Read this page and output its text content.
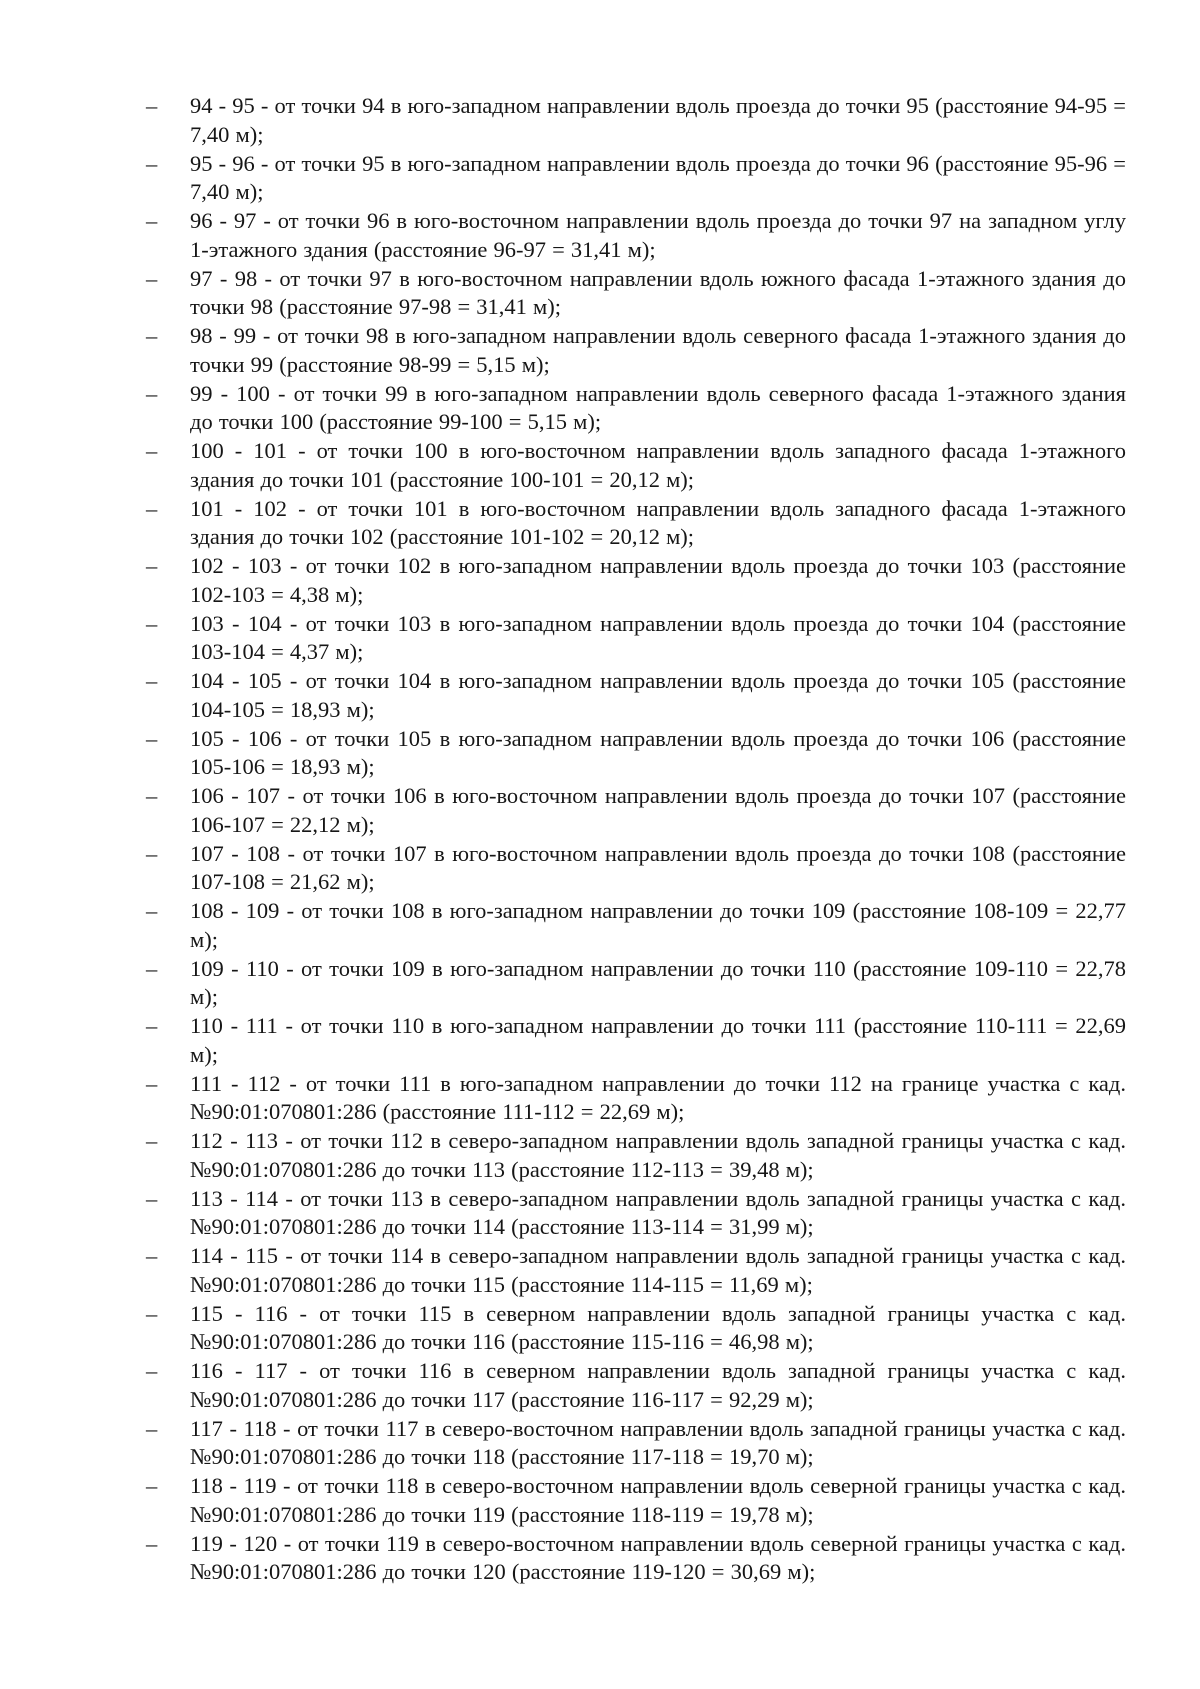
–	94 - 95 - от точки 94 в юго-западном направлении вдоль проезда до точки 95 (расстояние 94-95 = 7,40 м);
–	95 - 96 - от точки 95 в юго-западном направлении вдоль проезда до точки 96 (расстояние 95-96 = 7,40 м);
–	96 - 97 - от точки 96 в юго-восточном направлении вдоль проезда до точки 97 на западном углу 1-этажного здания (расстояние 96-97 = 31,41 м);
–	97 - 98 - от точки 97 в юго-восточном направлении вдоль южного фасада 1-этажного здания до точки 98 (расстояние 97-98 = 31,41 м);
–	98 - 99 - от точки 98 в юго-западном направлении вдоль северного фасада 1-этажного здания до точки 99 (расстояние 98-99 = 5,15 м);
–	99 - 100 - от точки 99 в юго-западном направлении вдоль северного фасада 1-этажного здания до точки 100 (расстояние 99-100 = 5,15 м);
–	100 - 101 - от точки 100 в юго-восточном направлении вдоль западного фасада 1-этажного здания до точки 101 (расстояние 100-101 = 20,12 м);
–	101 - 102 - от точки 101 в юго-восточном направлении вдоль западного фасада 1-этажного здания до точки 102 (расстояние 101-102 = 20,12 м);
–	102 - 103 - от точки 102 в юго-западном направлении вдоль проезда до точки 103 (расстояние 102-103 = 4,38 м);
–	103 - 104 - от точки 103 в юго-западном направлении вдоль проезда до точки 104 (расстояние 103-104 = 4,37 м);
–	104 - 105 - от точки 104 в юго-западном направлении вдоль проезда до точки 105 (расстояние 104-105 = 18,93 м);
–	105 - 106 - от точки 105 в юго-западном направлении вдоль проезда до точки 106 (расстояние 105-106 = 18,93 м);
–	106 - 107 - от точки 106 в юго-восточном направлении вдоль проезда до точки 107 (расстояние 106-107 = 22,12 м);
–	107 - 108 - от точки 107 в юго-восточном направлении вдоль проезда до точки 108 (расстояние 107-108 = 21,62 м);
–	108 - 109 - от точки 108 в юго-западном направлении до точки 109 (расстояние 108-109 = 22,77 м);
–	109 - 110 - от точки 109 в юго-западном направлении до точки 110 (расстояние 109-110 = 22,78 м);
–	110 - 111 - от точки 110 в юго-западном направлении до точки 111 (расстояние 110-111 = 22,69 м);
–	111 - 112 - от точки 111 в юго-западном направлении до точки 112 на границе участка с кад. №90:01:070801:286 (расстояние 111-112 = 22,69 м);
–	112 - 113 - от точки 112 в северо-западном направлении вдоль западной границы участка с кад. №90:01:070801:286 до точки 113 (расстояние 112-113 = 39,48 м);
–	113 - 114 - от точки 113 в северо-западном направлении вдоль западной границы участка с кад. №90:01:070801:286 до точки 114 (расстояние 113-114 = 31,99 м);
–	114 - 115 - от точки 114 в северо-западном направлении вдоль западной границы участка с кад. №90:01:070801:286 до точки 115 (расстояние 114-115 = 11,69 м);
–	115 - 116 - от точки 115 в северном направлении вдоль западной границы участка с кад. №90:01:070801:286 до точки 116 (расстояние 115-116 = 46,98 м);
–	116 - 117 - от точки 116 в северном направлении вдоль западной границы участка с кад. №90:01:070801:286 до точки 117 (расстояние 116-117 = 92,29 м);
–	117 - 118 - от точки 117 в северо-восточном направлении вдоль западной границы участка с кад. №90:01:070801:286 до точки 118 (расстояние 117-118 = 19,70 м);
–	118 - 119 - от точки 118 в северо-восточном направлении вдоль северной границы участка с кад. №90:01:070801:286 до точки 119 (расстояние 118-119 = 19,78 м);
–	119 - 120 - от точки 119 в северо-восточном направлении вдоль северной границы участка с кад. №90:01:070801:286 до точки 120 (расстояние 119-120 = 30,69 м);
